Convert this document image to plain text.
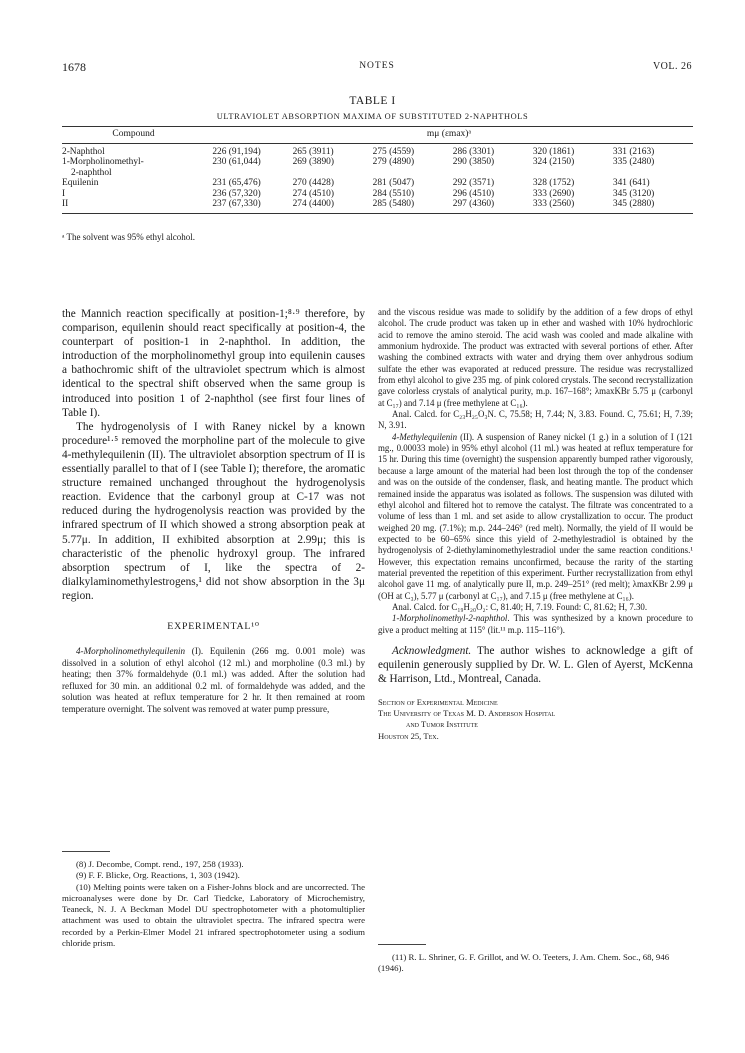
1678	NOTES	VOL. 26
TABLE I
ULTRAVIOLET ABSORPTION MAXIMA OF SUBSTITUTED 2-NAPHTHOLS
Compound	mμ (ɛmax)ᵃ
2-Naphthol	226 (91,194)	265 (3911)	275 (4559)	286 (3301)	320 (1861)	331 (2163)
1-Morpholinomethyl-	230 (61,044)	269 (3890)	279 (4890)	290 (3850)	324 (2150)	335 (2480)
2-naphthol						
Equilenin	231 (65,476)	270 (4428)	281 (5047)	292 (3571)	328 (1752)	341 (641)
I	236 (57,320)	274 (4510)	284 (5510)	296 (4510)	333 (2690)	345 (3120)
II	237 (67,330)	274 (4400)	285 (5480)	297 (4360)	333 (2560)	345 (2880)
ᵃ The solvent was 95% ethyl alcohol.

the Mannich reaction specifically at position-1;⁸·⁹ therefore, by comparison, equilenin should react specifically at position-4, the counterpart of position-1 in 2-naphthol. In addition, the introduction of the morpholinomethyl group into equilenin causes a bathochromic shift of the ultraviolet spectrum which is almost identical to the spectral shift observed when the same group is introduced into position 1 of 2-naphthol (see first four lines of Table I).

The hydrogenolysis of I with Raney nickel by a known procedure¹·⁵ removed the morpholine part of the molecule to give 4-methylequilenin (II). The ultraviolet absorption spectrum of II is essentially parallel to that of I (see Table I); therefore, the aromatic structure remained unchanged throughout the hydrogenolysis reaction. Evidence that the carbonyl group at C-17 was not reduced during the hydrogenolysis reaction was provided by the infrared spectrum of II which showed a strong absorption peak at 5.77μ. In addition, II exhibited absorption at 2.99μ; this is characteristic of the phenolic hydroxyl group. The infrared absorption spectrum of I, like the spectra of 2-dialkylaminomethylestrogens,¹ did not show absorption in the 3μ region.

EXPERIMENTAL¹⁰

4-Morpholinomethylequilenin (I). Equilenin (266 mg. 0.001 mole) was dissolved in a solution of ethyl alcohol (12 ml.) and morpholine (0.3 ml.) by heating; then 37% formaldehyde (0.1 ml.) was added. After the solution had refluxed for 30 min. an additional 0.2 ml. of formaldehyde was added, and the solution was heated at reflux temperature for 2 hr. It then remained at room temperature overnight. The solvent was removed at water pump pressure,

(8) J. Decombe, Compt. rend., 197, 258 (1933).

(9) F. F. Blicke, Org. Reactions, 1, 303 (1942).

(10) Melting points were taken on a Fisher-Johns block and are uncorrected. The microanalyses were done by Dr. Carl Tiedcke, Laboratory of Microchemistry, Teaneck, N. J. A Beckman Model DU spectrophotometer with a photomultiplier attachment was used to obtain the ultraviolet spectra. The infrared spectra were recorded by a Perkin-Elmer Model 21 infrared spectrophotometer using a sodium chloride prism.

and the viscous residue was made to solidify by the addition of a few drops of ethyl alcohol. The crude product was taken up in ether and washed with 10% hydrochloric acid to remove the amino steroid. The acid wash was cooled and made alkaline with ammonium hydroxide. The product was extracted with several portions of ether. After washing the combined extracts with water and drying them over anhydrous sodium sulfate the ether was evaporated at reduced pressure. The residue was recrystallized from ethyl alcohol to give 235 mg. of pink colored crystals. The second recrystallization gave colorless crystals of analytical purity, m.p. 167–168°; λmaxKBr 5.75 μ (carbonyl at C₁₇) and 7.14 μ (free methylene at C₁₆).

Anal. Calcd. for C₂₃H₂₅O₃N. C, 75.58; H, 7.44; N, 3.83. Found. C, 75.61; H, 7.39; N, 3.91.

4-Methylequilenin (II). A suspension of Raney nickel (1 g.) in a solution of I (121 mg., 0.00033 mole) in 95% ethyl alcohol (11 ml.) was heated at reflux temperature for 15 hr. During this time (overnight) the suspension apparently bumped rather vigorously, because a large amount of the material had been lost through the top of the condenser and was on the outside of the condenser, flask, and heating mantle. The product which remained inside the apparatus was isolated as follows. The suspension was diluted with ethyl alcohol and filtered hot to remove the catalyst. The filtrate was concentrated to a volume of less than 1 ml. and set aside to allow crystallization to occur. The product weighed 20 mg. (7.1%); m.p. 244–246° (red melt). Normally, the yield of II would be expected to be 60–65% since this yield of 2-methylestradiol is obtained by the hydrogenolysis of 2-diethylaminomethylestradiol under the same reaction conditions.¹ However, this expectation remains unconfirmed, because the rarity of the starting material prevented the repetition of this experiment. Further recrystallization from ethyl alcohol gave 11 mg. of analytically pure II, m.p. 249–251° (red melt); λmaxKBr 2.99 μ (OH at C₃), 5.77 μ (carbonyl at C₁₇), and 7.15 μ (free methylene at C₁₆).

Anal. Calcd. for C₁₉H₂₀O₂: C, 81.40; H, 7.19. Found: C, 81.62; H, 7.30.

1-Morpholinomethyl-2-naphthol. This was synthesized by a known procedure to give a product melting at 115° (lit.¹¹ m.p. 115–116°).

Acknowledgment. The author wishes to acknowledge a gift of equilenin generously supplied by Dr. W. L. Glen of Ayerst, McKenna & Harrison, Ltd., Montreal, Canada.

Section of Experimental Medicine
The University of Texas M. D. Anderson Hospital
and Tumor Institute
Houston 25, Tex.

(11) R. L. Shriner, G. F. Grillot, and W. O. Teeters, J. Am. Chem. Soc., 68, 946 (1946).
